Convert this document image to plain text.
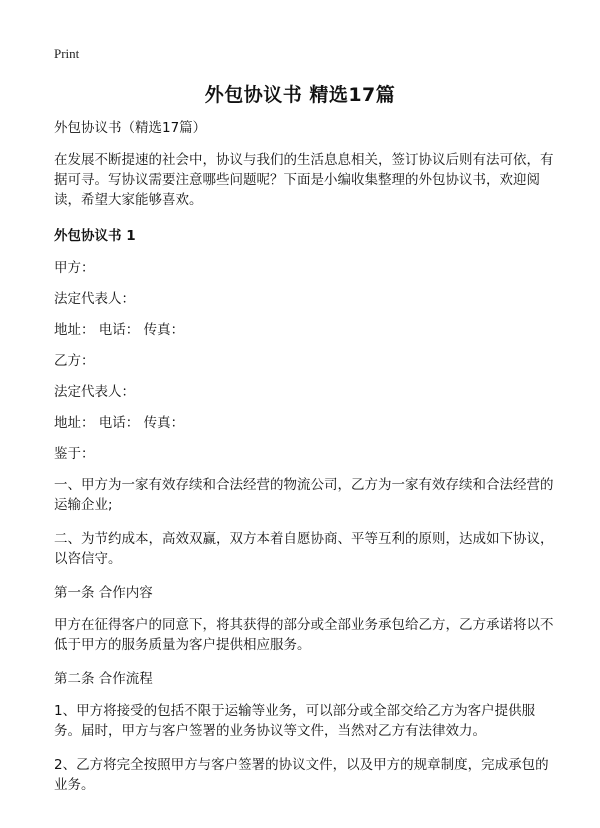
Print
外包协议书 精选17篇

外包协议书（精选17篇）

在发展不断提速的社会中，协议与我们的生活息息相关，签订协议后则有法可依，有据可寻。写协议需要注意哪些问题呢？下面是小编收集整理的外包协议书，欢迎阅读，希望大家能够喜欢。

外包协议书 1

甲方：

法定代表人：

地址： 电话： 传真：

乙方：

法定代表人：

地址： 电话： 传真：

鉴于：

一、甲方为一家有效存续和合法经营的物流公司，乙方为一家有效存续和合法经营的运输企业;

二、为节约成本，高效双赢，双方本着自愿协商、平等互利的原则，达成如下协议，以咨信守。

第一条 合作内容

甲方在征得客户的同意下，将其获得的部分或全部业务承包给乙方，乙方承诺将以不低于甲方的服务质量为客户提供相应服务。

第二条 合作流程

1、甲方将接受的包括不限于运输等业务，可以部分或全部交给乙方为客户提供服务。届时，甲方与客户签署的业务协议等文件，当然对乙方有法律效力。

2、乙方将完全按照甲方与客户签署的协议文件，以及甲方的规章制度，完成承包的业务。
